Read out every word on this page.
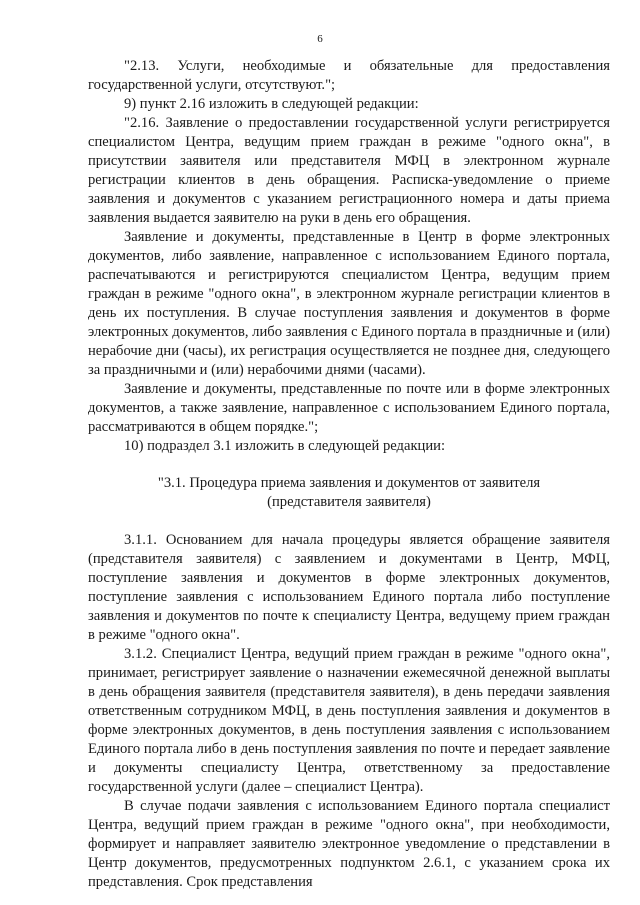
6

"2.13. Услуги, необходимые и обязательные для предоставления государственной услуги, отсутствуют.";

9) пункт 2.16 изложить в следующей редакции:

"2.16. Заявление о предоставлении государственной услуги регистрируется специалистом Центра, ведущим прием граждан в режиме "одного окна", в присутствии заявителя или представителя МФЦ в электронном журнале регистрации клиентов в день обращения. Расписка-уведомление о приеме заявления и документов с указанием регистрационного номера и даты приема заявления выдается заявителю на руки в день его обращения.

Заявление и документы, представленные в Центр в форме электронных документов, либо заявление, направленное с использованием Единого портала, распечатываются и регистрируются специалистом Центра, ведущим прием граждан в режиме "одного окна", в электронном журнале регистрации клиентов в день их поступления. В случае поступления заявления и документов в форме электронных документов, либо заявления с Единого портала в праздничные и (или) нерабочие дни (часы), их регистрация осуществляется не позднее дня, следующего за праздничными и (или) нерабочими днями (часами).

Заявление и документы, представленные по почте или в форме электронных документов, а также заявление, направленное с использованием Единого портала, рассматриваются в общем порядке.";

10) подраздел 3.1 изложить в следующей редакции:

"3.1. Процедура приема заявления и документов от заявителя

(представителя заявителя)

3.1.1. Основанием для начала процедуры является обращение заявителя (представителя заявителя) с заявлением и документами в Центр, МФЦ, поступление заявления и документов в форме электронных документов, поступление заявления с использованием Единого портала либо поступление заявления и документов по почте к специалисту Центра, ведущему прием граждан в режиме "одного окна".

3.1.2. Специалист Центра, ведущий прием граждан в режиме "одного окна", принимает, регистрирует заявление о назначении ежемесячной денежной выплаты в день обращения заявителя (представителя заявителя), в день передачи заявления ответственным сотрудником МФЦ, в день поступления заявления и документов в форме электронных документов, в день поступления заявления с использованием Единого портала либо в день поступления заявления по почте и передает заявление и документы специалисту Центра, ответственному за предоставление государственной услуги (далее – специалист Центра).

В случае подачи заявления с использованием Единого портала специалист Центра, ведущий прием граждан в режиме "одного окна", при необходимости, формирует и направляет заявителю электронное уведомление о представлении в Центр документов, предусмотренных подпунктом 2.6.1, с указанием срока их представления. Срок представления
